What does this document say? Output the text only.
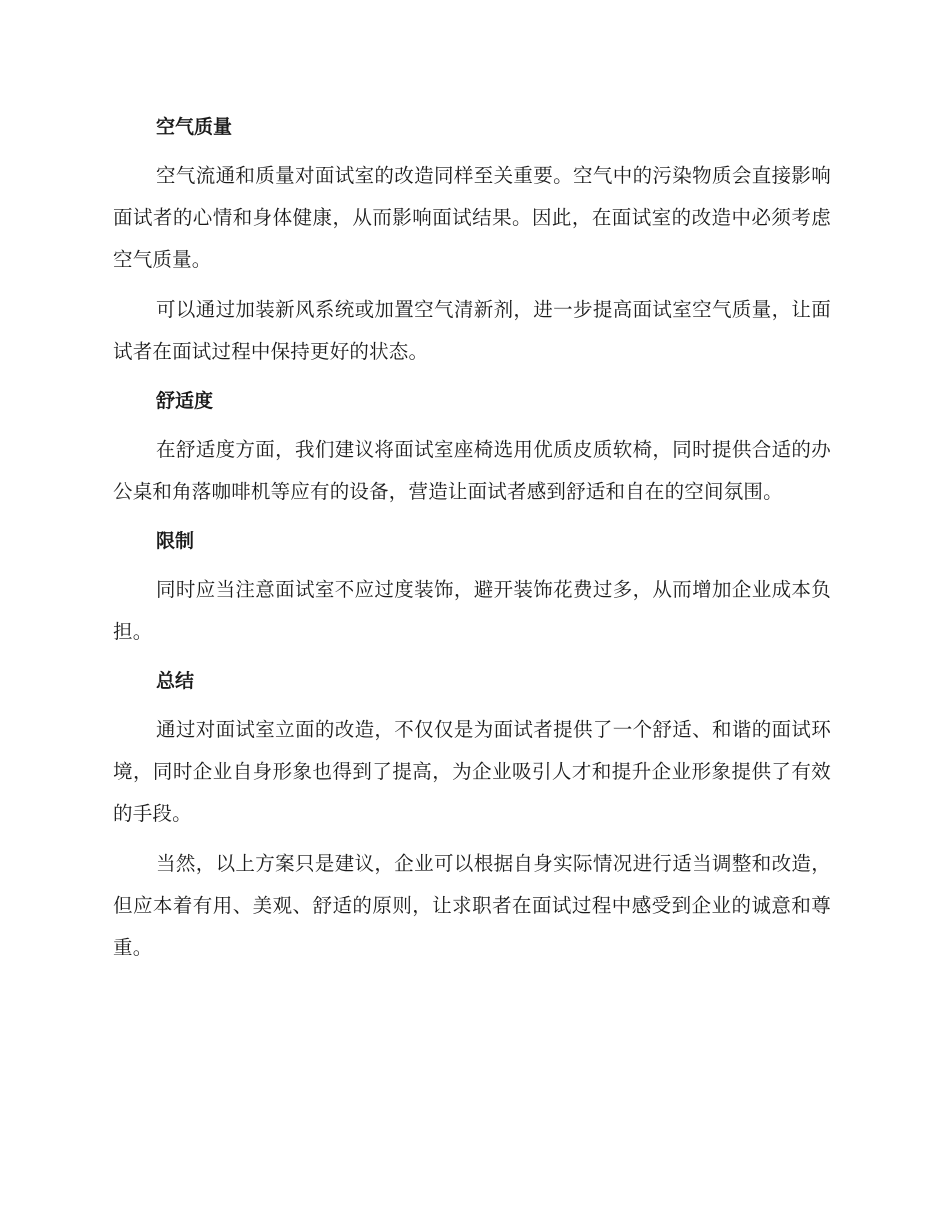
空气质量

空气流通和质量对面试室的改造同样至关重要。空气中的污染物质会直接影响面试者的心情和身体健康，从而影响面试结果。因此，在面试室的改造中必须考虑空气质量。

可以通过加装新风系统或加置空气清新剂，进一步提高面试室空气质量，让面试者在面试过程中保持更好的状态。

舒适度

在舒适度方面，我们建议将面试室座椅选用优质皮质软椅，同时提供合适的办公桌和角落咖啡机等应有的设备，营造让面试者感到舒适和自在的空间氛围。

限制

同时应当注意面试室不应过度装饰，避开装饰花费过多，从而增加企业成本负担。

总结

通过对面试室立面的改造，不仅仅是为面试者提供了一个舒适、和谐的面试环境，同时企业自身形象也得到了提高，为企业吸引人才和提升企业形象提供了有效的手段。

当然，以上方案只是建议，企业可以根据自身实际情况进行适当调整和改造，但应本着有用、美观、舒适的原则，让求职者在面试过程中感受到企业的诚意和尊重。
